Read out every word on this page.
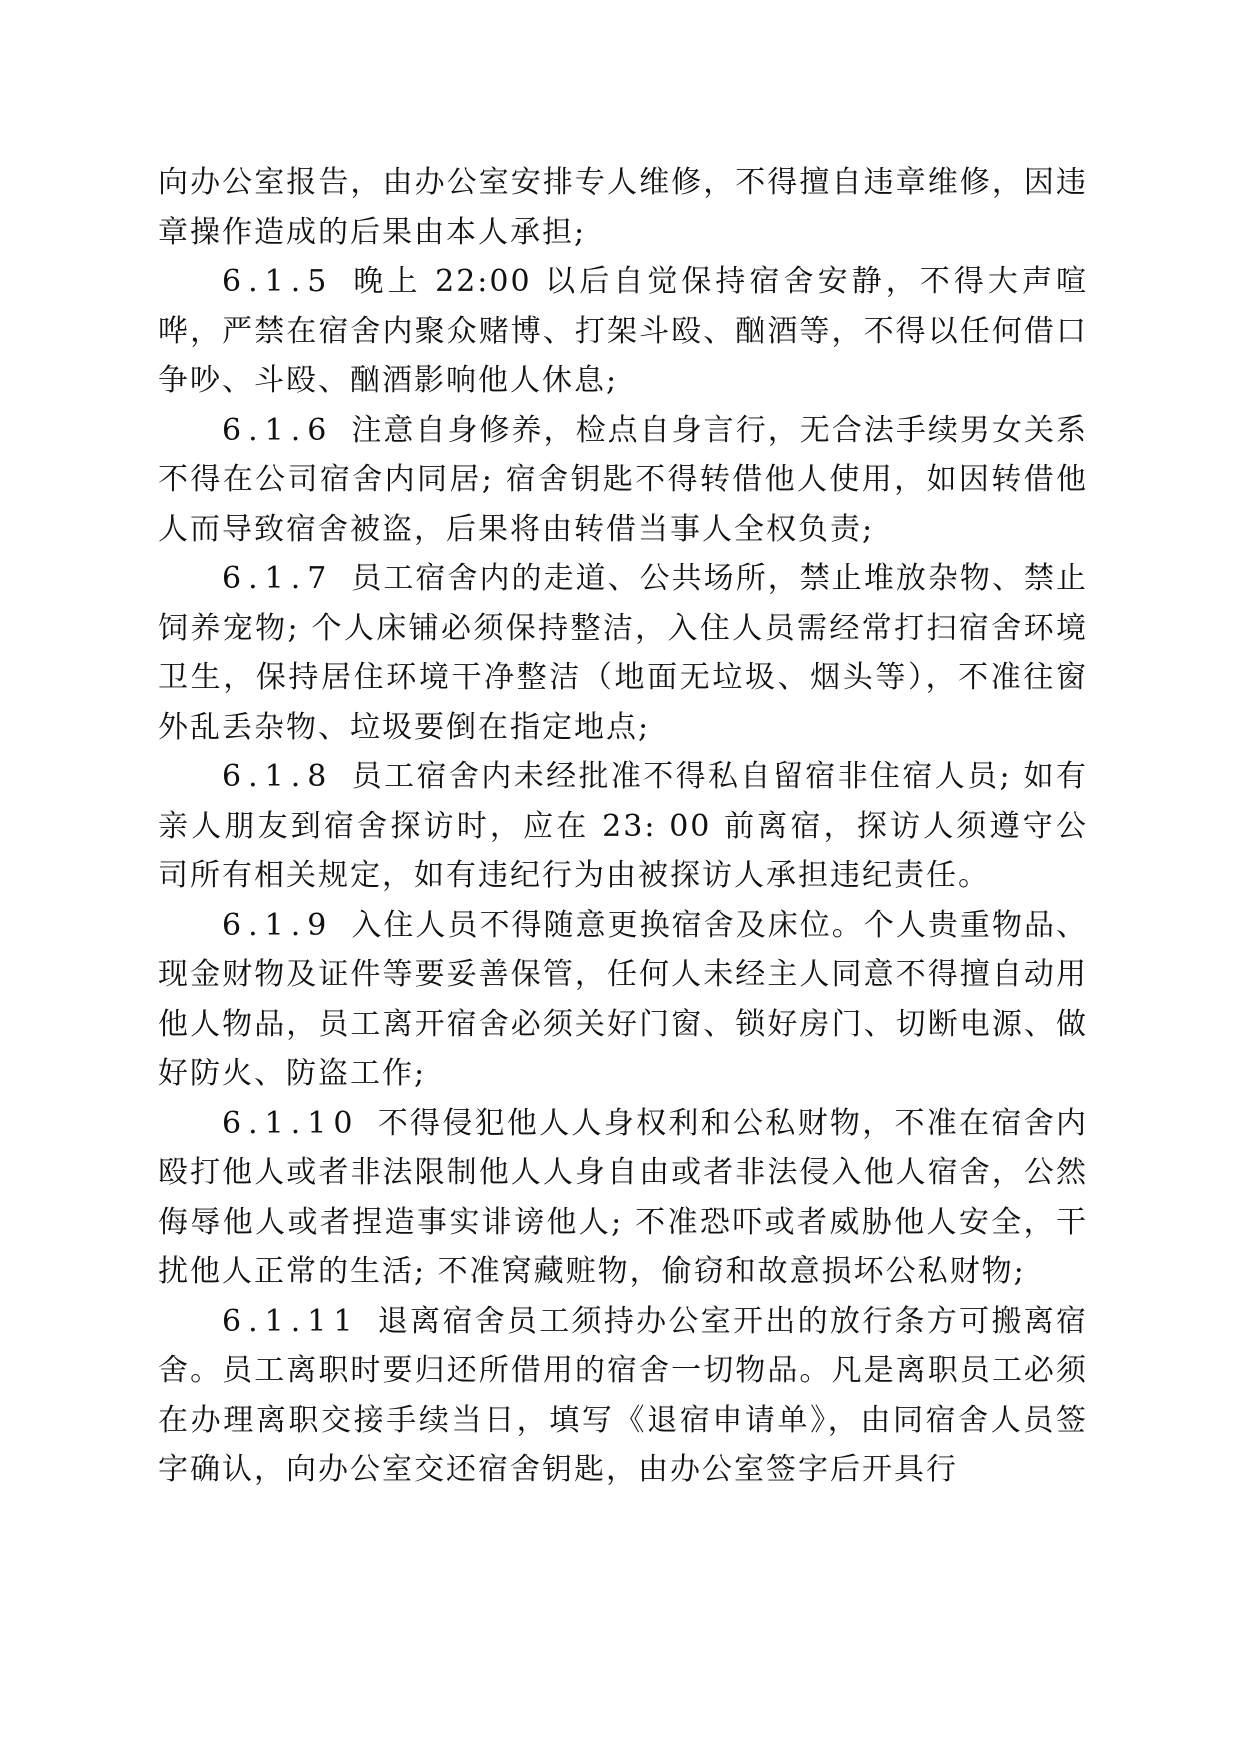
向办公室报告，由办公室安排专人维修，不得擅自违章维修，因违章操作造成的后果由本人承担;

6.1.5 晚上 22:00 以后自觉保持宿舍安静，不得大声喧哗，严禁在宿舍内聚众赌博、打架斗殴、酗酒等，不得以任何借口争吵、斗殴、酗酒影响他人休息;

6.1.6 注意自身修养，检点自身言行，无合法手续男女关系不得在公司宿舍内同居; 宿舍钥匙不得转借他人使用，如因转借他人而导致宿舍被盗，后果将由转借当事人全权负责;

6.1.7 员工宿舍内的走道、公共场所，禁止堆放杂物、禁止饲养宠物; 个人床铺必须保持整洁，入住人员需经常打扫宿舍环境卫生，保持居住环境干净整洁（地面无垃圾、烟头等），不准往窗外乱丢杂物、垃圾要倒在指定地点;

6.1.8 员工宿舍内未经批准不得私自留宿非住宿人员; 如有亲人朋友到宿舍探访时，应在 23: 00 前离宿，探访人须遵守公司所有相关规定，如有违纪行为由被探访人承担违纪责任。

6.1.9 入住人员不得随意更换宿舍及床位。个人贵重物品、现金财物及证件等要妥善保管，任何人未经主人同意不得擅自动用他人物品，员工离开宿舍必须关好门窗、锁好房门、切断电源、做好防火、防盗工作;

6.1.10 不得侵犯他人人身权利和公私财物，不准在宿舍内殴打他人或者非法限制他人人身自由或者非法侵入他人宿舍，公然侮辱他人或者捏造事实诽谤他人; 不准恐吓或者威胁他人安全，干扰他人正常的生活; 不准窝藏赃物，偷窃和故意损坏公私财物;

6.1.11 退离宿舍员工须持办公室开出的放行条方可搬离宿舍。员工离职时要归还所借用的宿舍一切物品。凡是离职员工必须在办理离职交接手续当日，填写《退宿申请单》，由同宿舍人员签字确认，向办公室交还宿舍钥匙，由办公室签字后开具行
